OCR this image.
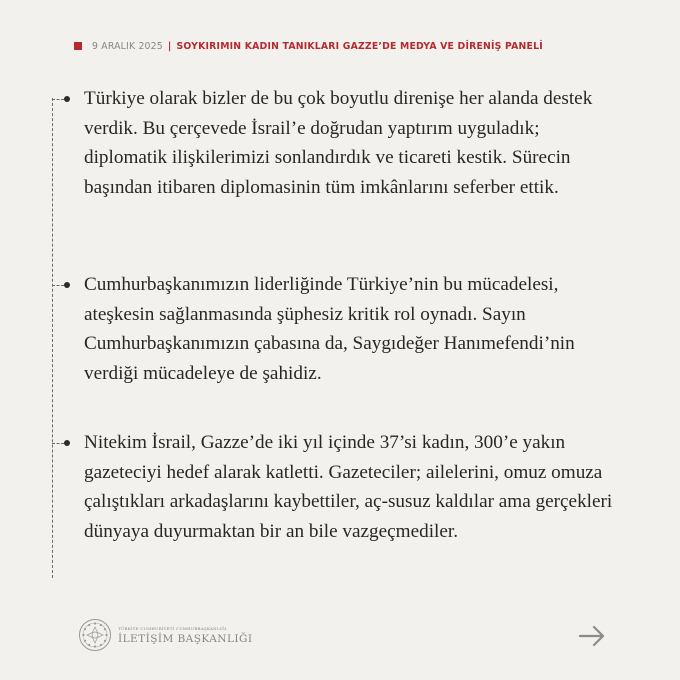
9 ARALIK 2025 | SOYKIRIMIN KADIN TANIKLARI GAZZE’DE MEDYA VE DİRENİŞ PANELİ

Türkiye olarak bizler de bu çok boyutlu direnişe her alanda destek verdik. Bu çerçevede İsrail’e doğrudan yaptırım uyguladık; diplomatik ilişkilerimizi sonlandırdık ve ticareti kestik. Sürecin başından itibaren diplomasinin tüm imkânlarını seferber ettik.

Cumhurbaşkanımızın liderliğinde Türkiye’nin bu mücadelesi, ateşkesin sağlanmasında şüphesiz kritik rol oynadı. Sayın Cumhurbaşkanımızın çabasına da, Saygıdeğer Hanımefendi’nin verdiği mücadeleye de şahidiz.

Nitekim İsrail, Gazze’de iki yıl içinde 37’si kadın, 300’e yakın gazeteciyi hedef alarak katletti. Gazeteciler; ailelerini, omuz omuza çalıştıkları arkadaşlarını kaybettiler, aç-susuz kaldılar ama gerçekleri dünyaya duyurmaktan bir an bile vazgeçmediler.

TÜRKİYE CUMHURİYETİ CUMHURBAŞKANLIĞI
İLETİŞİM BAŞKANLIĞI
